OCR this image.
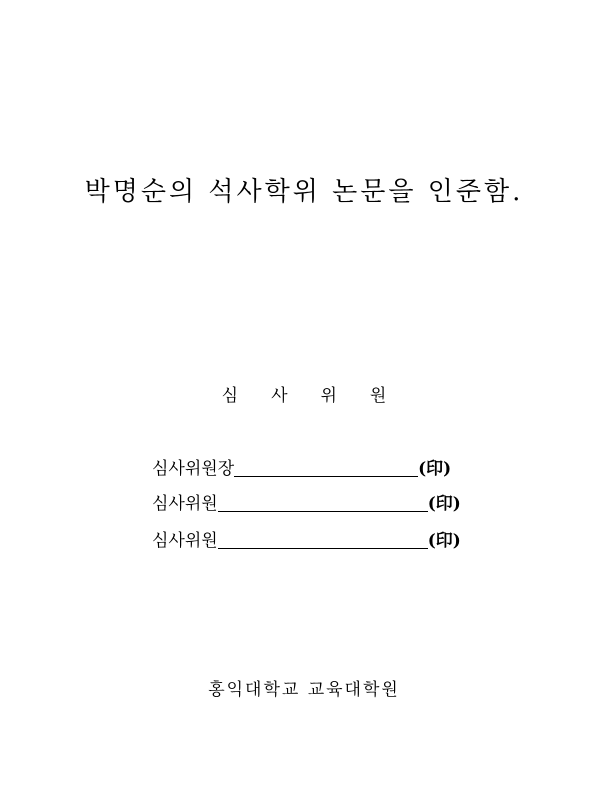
박명순의 석사학위 논문을 인준함.
심 사 위 원
심사위원장	(印)
심사위원	(印)
심사위원	(印)
홍익대학교 교육대학원
